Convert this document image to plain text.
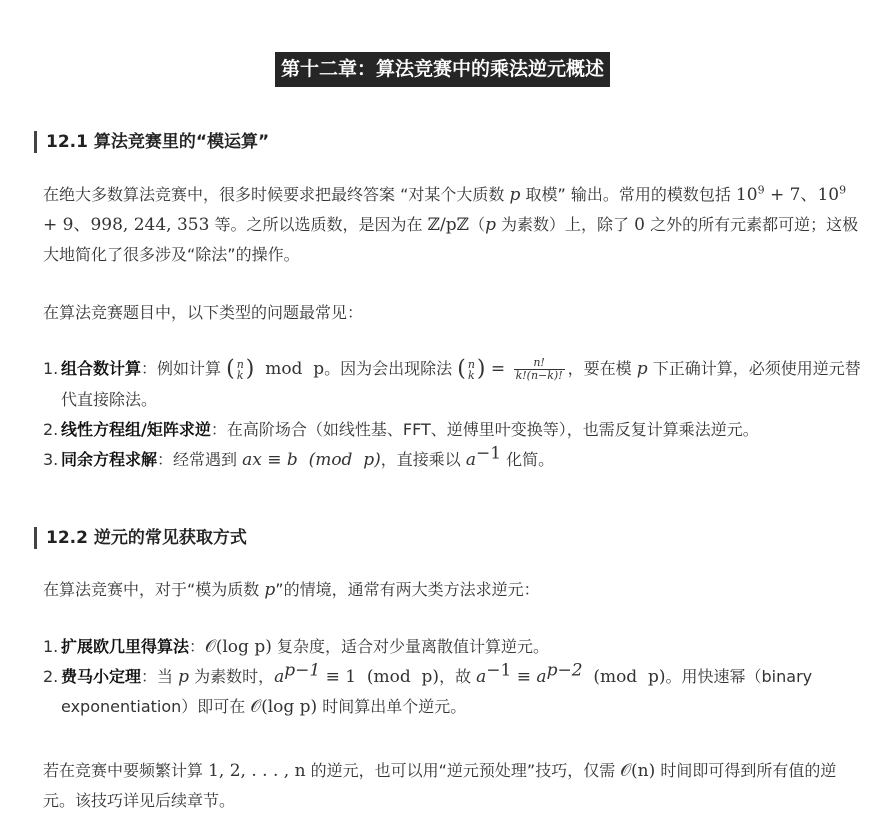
第十二章：算法竞赛中的乘法逆元概述
12.1 算法竞赛里的“模运算”
在绝大多数算法竞赛中，很多时候要求把最终答案 “对某个大质数 p 取模” 输出。常用的模数包括 $10^9 + 7$、$10^9 + 9$、998, 244, 353 等。之所以选质数，是因为在 ℤ/pℤ（p 为素数）上，除了 0 之外的所有元素都可逆；这极大地简化了很多涉及“除法”的操作。
在算法竞赛题目中，以下类型的问题最常见：
1. 组合数计算：例如计算 ( n
k )  mod  p。因为会出现除法 ( n
k ) = $\frac{n!}{k!(n-k)!}$ ，要在模 p 下正确计算，必须使用逆元替代直接除法。
2. 线性方程组/矩阵求逆：在高阶场合（如线性基、FFT、逆傅里叶变换等），也需反复计算乘法逆元。
3. 同余方程求解：经常遇到 ax ≡ b  (mod  p)，直接乘以 $a^{-1}$ 化简。
12.2 逆元的常见获取方式
在算法竞赛中，对于“模为质数 p”的情境，通常有两大类方法求逆元：
1. 扩展欧几里得算法：𝒪(log p) 复杂度，适合对少量离散值计算逆元。
2. 费马小定理：当 p 为素数时，$a^{p-1} \equiv 1$  (mod  p)，故 $a^{-1} \equiv a^{p-2}$  (mod  p)。用快速幂（binary exponentiation）即可在 𝒪(log p) 时间算出单个逆元。
若在竞赛中要频繁计算 1, 2, . . . , n 的逆元，也可以用“逆元预处理”技巧，仅需 𝒪(n) 时间即可得到所有值的逆元。该技巧详见后续章节。
